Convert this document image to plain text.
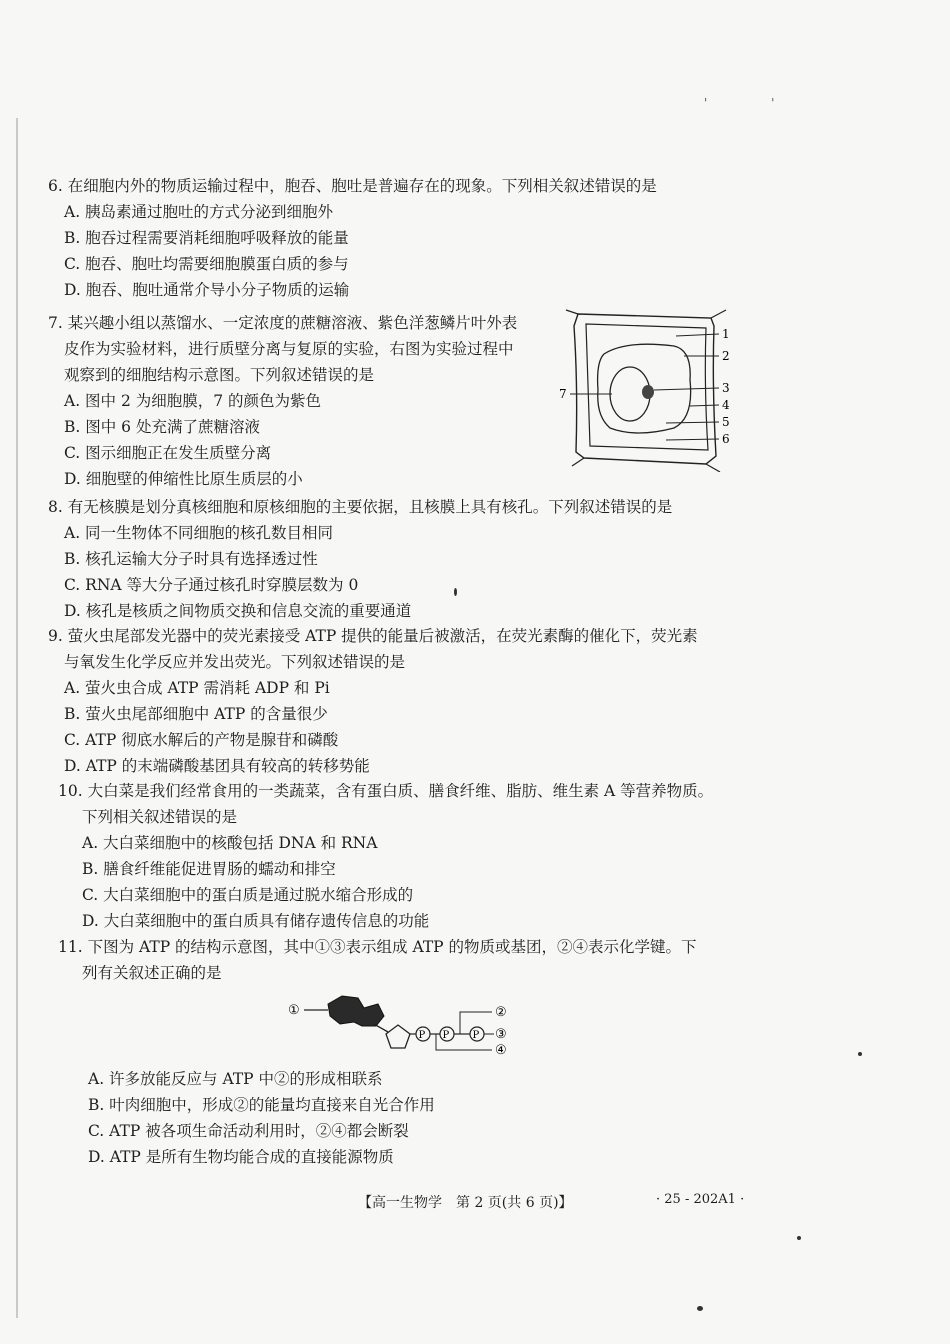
' '
6. 在细胞内外的物质运输过程中，胞吞、胞吐是普遍存在的现象。下列相关叙述错误的是
A. 胰岛素通过胞吐的方式分泌到细胞外
B. 胞吞过程需要消耗细胞呼吸释放的能量
C. 胞吞、胞吐均需要细胞膜蛋白质的参与
D. 胞吞、胞吐通常介导小分子物质的运输
7. 某兴趣小组以蒸馏水、一定浓度的蔗糖溶液、紫色洋葱鳞片叶外表
皮作为实验材料，进行质壁分离与复原的实验，右图为实验过程中
观察到的细胞结构示意图。下列叙述错误的是
A. 图中 2 为细胞膜，7 的颜色为紫色
B. 图中 6 处充满了蔗糖溶液
C. 图示细胞正在发生质壁分离
D. 细胞壁的伸缩性比原生质层的小
1
2
3
4
5
6
7
8. 有无核膜是划分真核细胞和原核细胞的主要依据，且核膜上具有核孔。下列叙述错误的是
A. 同一生物体不同细胞的核孔数目相同
B. 核孔运输大分子时具有选择透过性
C. RNA 等大分子通过核孔时穿膜层数为 0
D. 核孔是核质之间物质交换和信息交流的重要通道
9. 萤火虫尾部发光器中的荧光素接受 ATP 提供的能量后被激活，在荧光素酶的催化下，荧光素
与氧发生化学反应并发出荧光。下列叙述错误的是
A. 萤火虫合成 ATP 需消耗 ADP 和 Pi
B. 萤火虫尾部细胞中 ATP 的含量很少
C. ATP 彻底水解后的产物是腺苷和磷酸
D. ATP 的末端磷酸基团具有较高的转移势能
10. 大白菜是我们经常食用的一类蔬菜，含有蛋白质、膳食纤维、脂肪、维生素 A 等营养物质。
下列相关叙述错误的是
A. 大白菜细胞中的核酸包括 DNA 和 RNA
B. 膳食纤维能促进胃肠的蠕动和排空
C. 大白菜细胞中的蛋白质是通过脱水缩合形成的
D. 大白菜细胞中的蛋白质具有储存遗传信息的功能
11. 下图为 ATP 的结构示意图，其中①③表示组成 ATP 的物质或基团，②④表示化学键。下
列有关叙述正确的是
①
P P P
②
③
④
A. 许多放能反应与 ATP 中②的形成相联系
B. 叶肉细胞中，形成②的能量均直接来自光合作用
C. ATP 被各项生命活动利用时，②④都会断裂
D. ATP 是所有生物均能合成的直接能源物质
【高一生物学　第 2 页(共 6 页)】	· 25 - 202A1 ·
